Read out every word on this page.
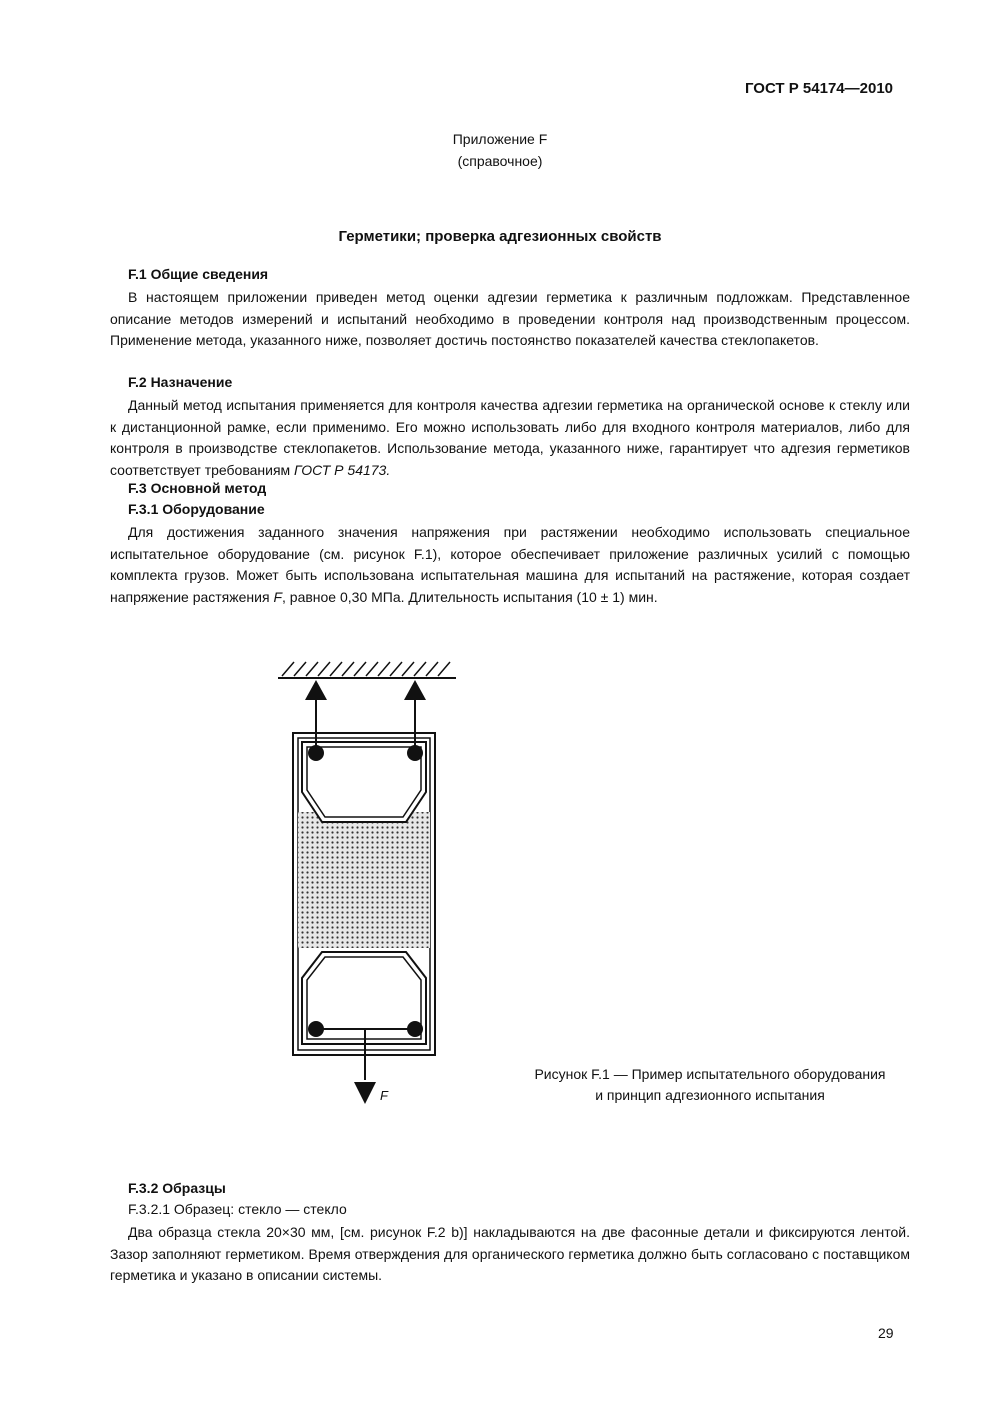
ГОСТ Р 54174—2010
Приложение F
(справочное)
Герметики; проверка адгезионных свойств
F.1 Общие сведения
В настоящем приложении приведен метод оценки адгезии герметика к различным подложкам. Представленное описание методов измерений и испытаний необходимо в проведении контроля над производственным процессом. Применение метода, указанного ниже, позволяет достичь постоянство показателей качества стеклопакетов.
F.2 Назначение
Данный метод испытания применяется для контроля качества адгезии герметика на органической основе к стеклу или к дистанционной рамке, если применимо. Его можно использовать либо для входного контроля материалов, либо для контроля в производстве стеклопакетов. Использование метода, указанного ниже, гарантирует что адгезия герметиков соответствует требованиям ГОСТ Р 54173.
F.3 Основной метод
F.3.1 Оборудование
Для достижения заданного значения напряжения при растяжении необходимо использовать специальное испытательное оборудование (см. рисунок F.1), которое обеспечивает приложение различных усилий с помощью комплекта грузов. Может быть использована испытательная машина для испытаний на растяжение, которая создает напряжение растяжения F, равное 0,30 МПа. Длительность испытания (10 ± 1) мин.
F
Рисунок F.1 — Пример испытательного оборудования
и принцип адгезионного испытания
F.3.2 Образцы
F.3.2.1 Образец: стекло — стекло
Два образца стекла 20×30 мм, [см. рисунок F.2 b)] накладываются на две фасонные детали и фиксируются лентой. Зазор заполняют герметиком. Время отверждения для органического герметика должно быть согласовано с поставщиком герметика и указано в описании системы.
29
